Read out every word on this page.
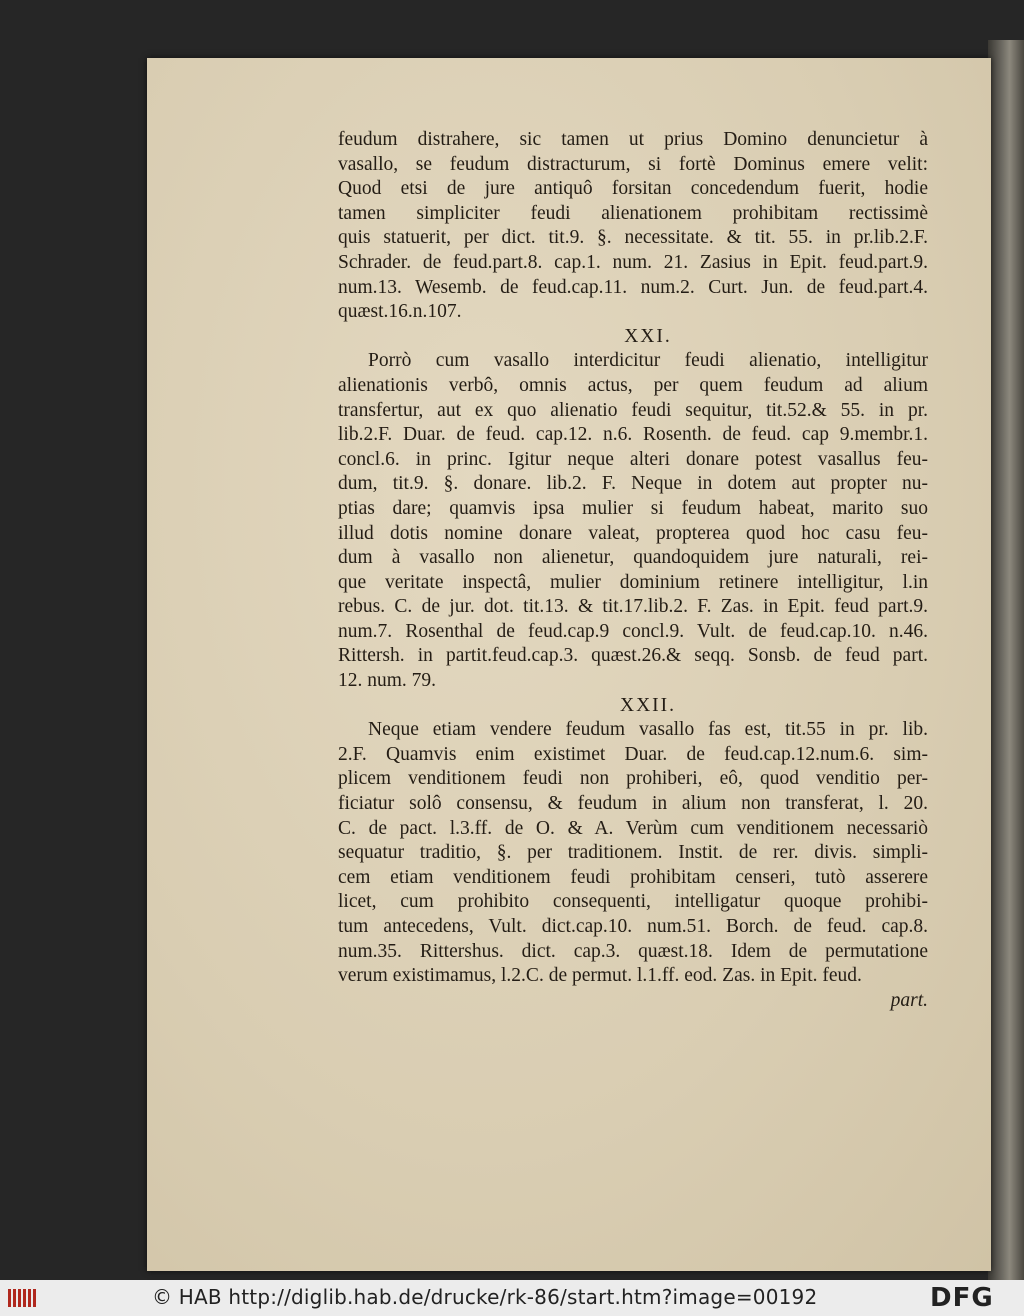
feudum distrahere, sic tamen ut prius Domino denuncietur à
vasallo, se feudum distracturum, si fortè Dominus emere velit:
Quod etsi de jure antiquô forsitan concedendum fuerit, hodie
tamen simpliciter feudi alienationem prohibitam rectissimè
quis statuerit, per dict. tit.9. §. necessitate. & tit. 55. in pr.lib.2.F.
Schrader. de feud.part.8. cap.1. num. 21. Zasius in Epit. feud.part.9.
num.13. Wesemb. de feud.cap.11. num.2. Curt. Jun. de feud.part.4.
quæst.16.n.107.
XXI.
Porrò cum vasallo interdicitur feudi alienatio, intelligitur
alienationis verbô, omnis actus, per quem feudum ad alium
transfertur, aut ex quo alienatio feudi sequitur, tit.52.& 55. in pr.
lib.2.F. Duar. de feud. cap.12. n.6. Rosenth. de feud. cap 9.membr.1.
concl.6. in princ. Igitur neque alteri donare potest vasallus feu-
dum, tit.9. §. donare. lib.2. F. Neque in dotem aut propter nu-
ptias dare; quamvis ipsa mulier si feudum habeat, marito suo
illud dotis nomine donare valeat, propterea quod hoc casu feu-
dum à vasallo non alienetur, quandoquidem jure naturali, rei-
que veritate inspectâ, mulier dominium retinere intelligitur, l.in
rebus. C. de jur. dot. tit.13. & tit.17.lib.2. F. Zas. in Epit. feud part.9.
num.7. Rosenthal de feud.cap.9 concl.9. Vult. de feud.cap.10. n.46.
Rittersh. in partit.feud.cap.3. quæst.26.& seqq. Sonsb. de feud part.
12. num. 79.
XXII.
Neque etiam vendere feudum vasallo fas est, tit.55 in pr. lib.
2.F. Quamvis enim existimet Duar. de feud.cap.12.num.6. sim-
plicem venditionem feudi non prohiberi, eô, quod venditio per-
ficiatur solô consensu, & feudum in alium non transferat, l. 20.
C. de pact. l.3.ff. de O. & A. Verùm cum venditionem necessariò
sequatur traditio, §. per traditionem. Instit. de rer. divis. simpli-
cem etiam venditionem feudi prohibitam censeri, tutò asserere
licet, cum prohibito consequenti, intelligatur quoque prohibi-
tum antecedens, Vult. dict.cap.10. num.51. Borch. de feud. cap.8.
num.35. Rittershus. dict. cap.3. quæst.18. Idem de permutatione
verum existimamus, l.2.C. de permut. l.1.ff. eod. Zas. in Epit. feud.
part.
© HAB http://diglib.hab.de/drucke/rk-86/start.htm?image=00192	DFG
